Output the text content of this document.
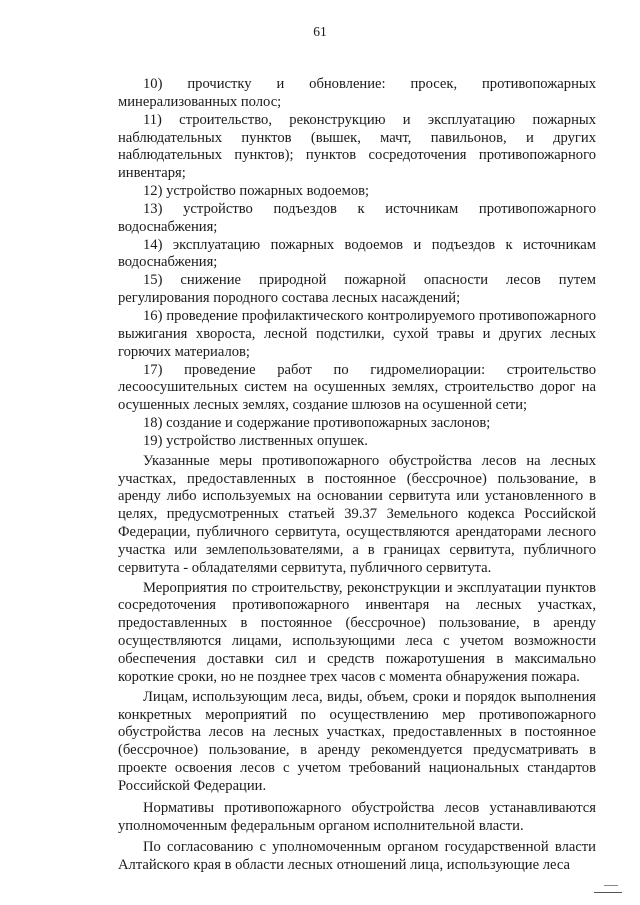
61

10) прочистку и обновление: просек, противопожарных минерализованных полос;

11) строительство, реконструкцию и эксплуатацию пожарных наблюдательных пунктов (вышек, мачт, павильонов, и других наблюдательных пунктов); пунктов сосредоточения противопожарного инвентаря;

12) устройство пожарных водоемов;

13) устройство подъездов к источникам противопожарного водоснабжения;

14) эксплуатацию пожарных водоемов и подъездов к источникам водоснабжения;

15) снижение природной пожарной опасности лесов путем регулирования породного состава лесных насаждений;

16) проведение профилактического контролируемого противопожарного выжигания хвороста, лесной подстилки, сухой травы и других лесных горючих материалов;

17) проведение работ по гидромелиорации: строительство лесоосушительных систем на осушенных землях, строительство дорог на осушенных лесных землях, создание шлюзов на осушенной сети;

18) создание и содержание противопожарных заслонов;

19) устройство лиственных опушек.

Указанные меры противопожарного обустройства лесов на лесных участках, предоставленных в постоянное (бессрочное) пользование, в аренду либо используемых на основании сервитута или установленного в целях, предусмотренных статьей 39.37 Земельного кодекса Российской Федерации, публичного сервитута, осуществляются арендаторами лесного участка или землепользователями, а в границах сервитута, публичного сервитута - обладателями сервитута, публичного сервитута.

Мероприятия по строительству, реконструкции и эксплуатации пунктов сосредоточения противопожарного инвентаря на лесных участках, предоставленных в постоянное (бессрочное) пользование, в аренду осуществляются лицами, использующими леса с учетом возможности обеспечения доставки сил и средств пожаротушения в максимально короткие сроки, но не позднее трех часов с момента обнаружения пожара.

Лицам, использующим леса, виды, объем, сроки и порядок выполнения конкретных мероприятий по осуществлению мер противопожарного обустройства лесов на лесных участках, предоставленных в постоянное (бессрочное) пользование, в аренду рекомендуется предусматривать в проекте освоения лесов с учетом требований национальных стандартов Российской Федерации.

Нормативы противопожарного обустройства лесов устанавливаются уполномоченным федеральным органом исполнительной власти.

По согласованию с уполномоченным органом государственной власти Алтайского края в области лесных отношений лица, использующие леса
